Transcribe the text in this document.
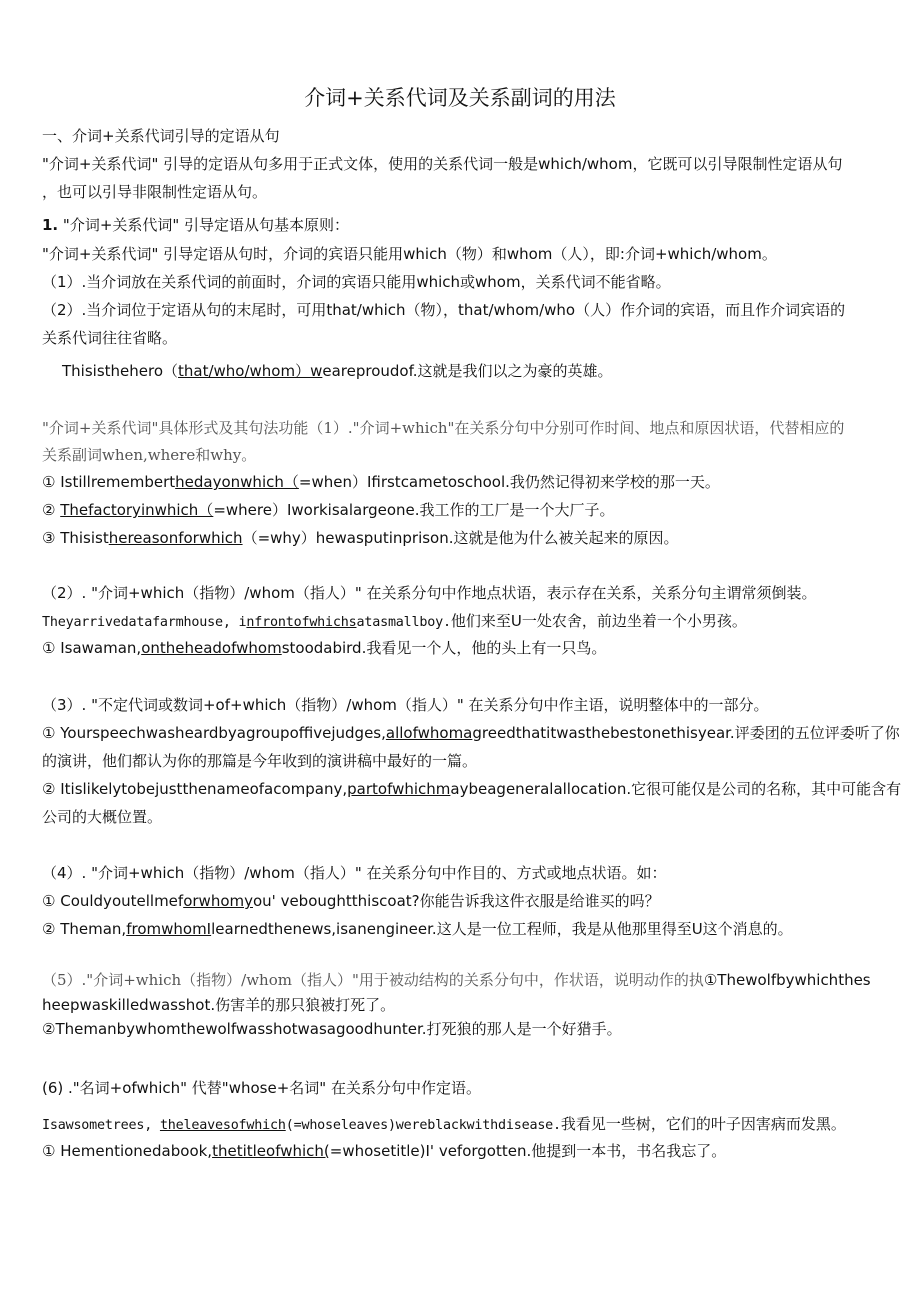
介词+关系代词及关系副词的用法
一、介词+关系代词引导的定语从句
"介词+关系代词" 引导的定语从句多用于正式文体，使用的关系代词一般是which/whom，它既可以引导限制性定语从句
，也可以引导非限制性定语从句。
1. "介词+关系代词" 引导定语从句基本原则：
"介词+关系代词" 引导定语从句时，介词的宾语只能用which（物）和whom（人），即:介词+which/whom。
（1）.当介词放在关系代词的前面时，介词的宾语只能用which或whom，关系代词不能省略。
（2）.当介词位于定语从句的末尾时，可用that/which（物），that/whom/who（人）作介词的宾语，而且作介词宾语的
关系代词往往省略。
Thisisthehero（that/who/whom）weareproudof.这就是我们以之为豪的英雄。
"介词+关系代词"具体形式及其句法功能（1）."介词+which"在关系分句中分别可作时间、地点和原因状语，代替相应的
关系副词when,where和why。
① Istillrememberthedayonwhich（=when）Ifirstcametoschool.我仍然记得初来学校的那一天。
② Thefactoryinwhich（=where）Iworkisalargeone.我工作的工厂是一个大厂子。
③ Thisisthereasonforwhich（=why）hewasputinprison.这就是他为什么被关起来的原因。
（2）. "介词+which（指物）/whom（指人）" 在关系分句中作地点状语，表示存在关系，关系分句主谓常须倒装。
Theyarrivedatafarmhouse, infrontofwhichsatasmallboy.他们来至U一处农舍，前边坐着一个小男孩。
① Isawaman,ontheheadofwhomstoodabird.我看见一个人，他的头上有一只鸟。
（3）. "不定代词或数词+of+which（指物）/whom（指人）" 在关系分句中作主语，说明整体中的一部分。
① Yourspeechwasheardbyagroupoffivejudges,allofwhomagreedthatitwasthebestonethisyear.评委团的五位评委听了你
的演讲，他们都认为你的那篇是今年收到的演讲稿中最好的一篇。
② Itislikelytobejustthenameofacompany,partofwhichmaybeageneralallocation.它很可能仅是公司的名称，其中可能含有
公司的大概位置。
（4）. "介词+which（指物）/whom（指人）" 在关系分句中作目的、方式或地点状语。如：
① Couldyoutellmeforwhomyou' veboughtthiscoat?你能告诉我这件衣服是给谁买的吗？
② Theman,fromwhomIlearnedthenews,isanengineer.这人是一位工程师，我是从他那里得至U这个消息的。
（5）."介词+which（指物）/whom（指人）"用于被动结构的关系分句中，作状语，说明动作的执①Thewolfbywhichthes
heepwaskilledwasshot.伤害羊的那只狼被打死了。
②Themanbywhomthewolfwasshotwasagoodhunter.打死狼的那人是一个好猎手。
(6) ."名词+ofwhich" 代替"whose+名词" 在关系分句中作定语。
Isawsometrees, theleavesofwhich(=whoseleaves)wereblackwithdisease.我看见一些树，它们的叶子因害病而发黑。
① Hementionedabook,thetitleofwhich(=whosetitle)I' veforgotten.他提到一本书，书名我忘了。
